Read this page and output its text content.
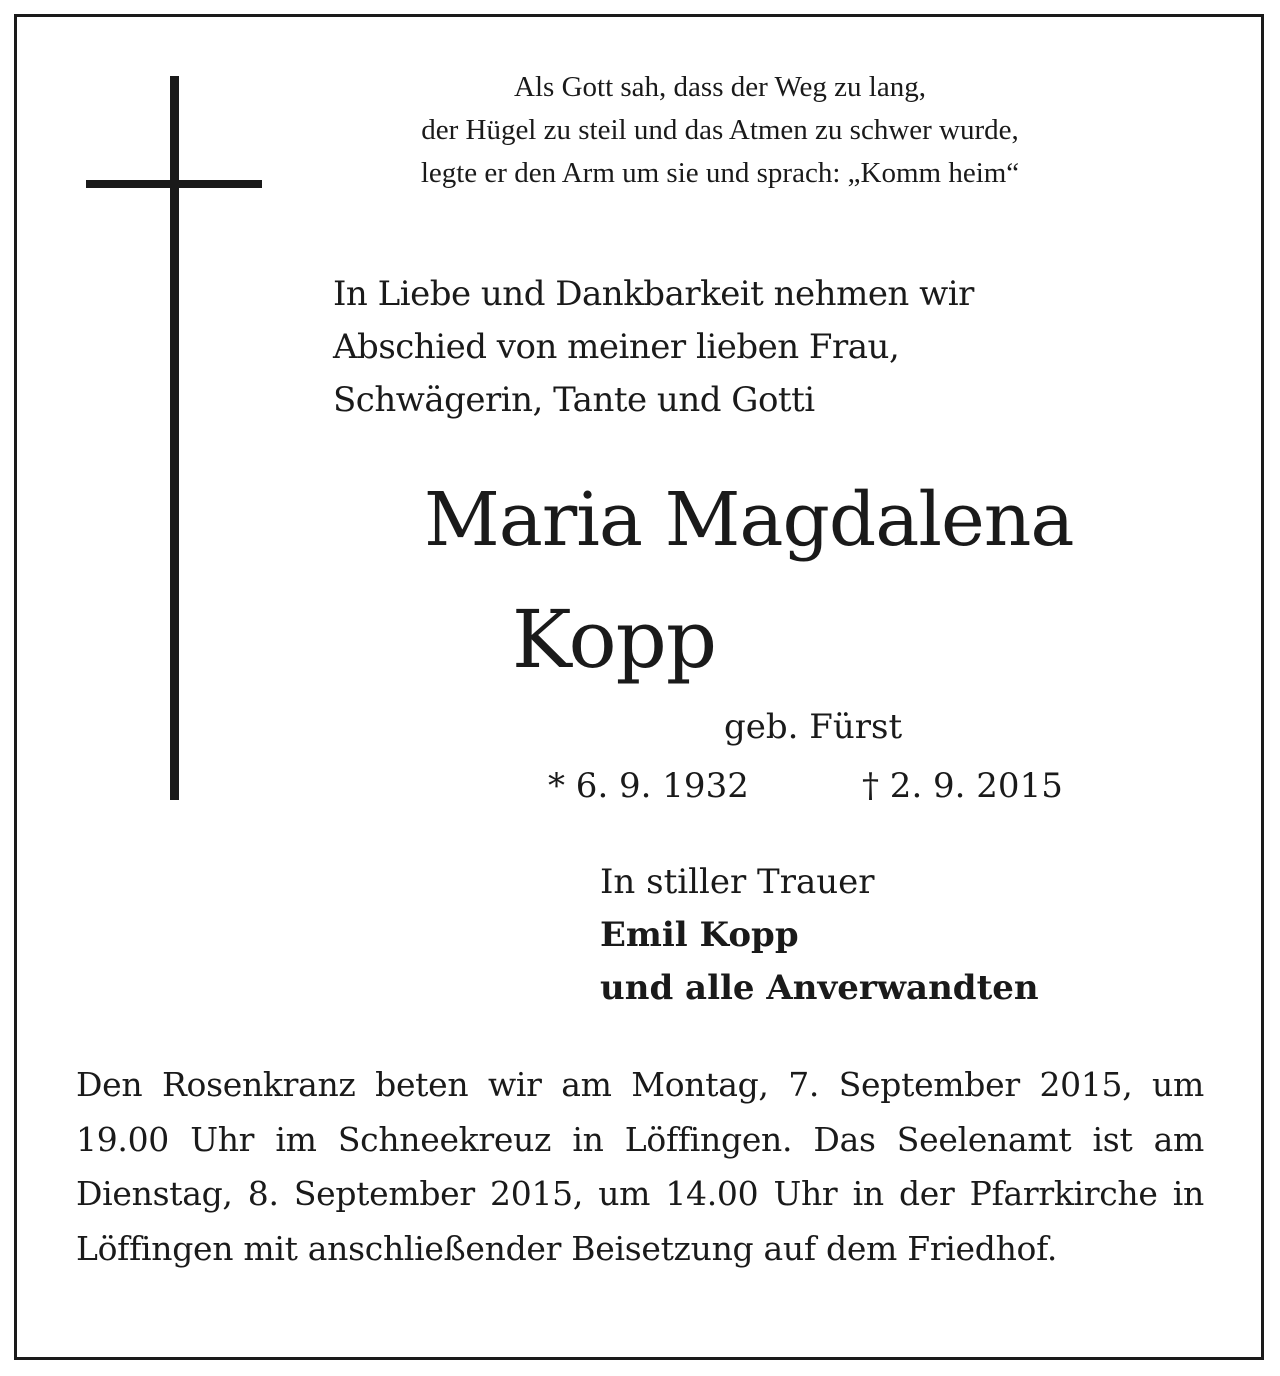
Als Gott sah, dass der Weg zu lang,
der Hügel zu steil und das Atmen zu schwer wurde,
legte er den Arm um sie und sprach: „Komm heim“
In Liebe und Dankbarkeit nehmen wir
Abschied von meiner lieben Frau,
Schwägerin, Tante und Gotti
Maria Magdalena
Kopp
geb. Fürst
* 6. 9. 1932	† 2. 9. 2015
In stiller Trauer
Emil Kopp
und alle Anverwandten
Den Rosenkranz beten wir am Montag, 7. September 2015, um 19.00 Uhr im Schneekreuz in Löffingen. Das Seelenamt ist am Dienstag, 8. September 2015, um 14.00 Uhr in der Pfarrkirche in Löffingen mit anschließender Beisetzung auf dem Friedhof.
